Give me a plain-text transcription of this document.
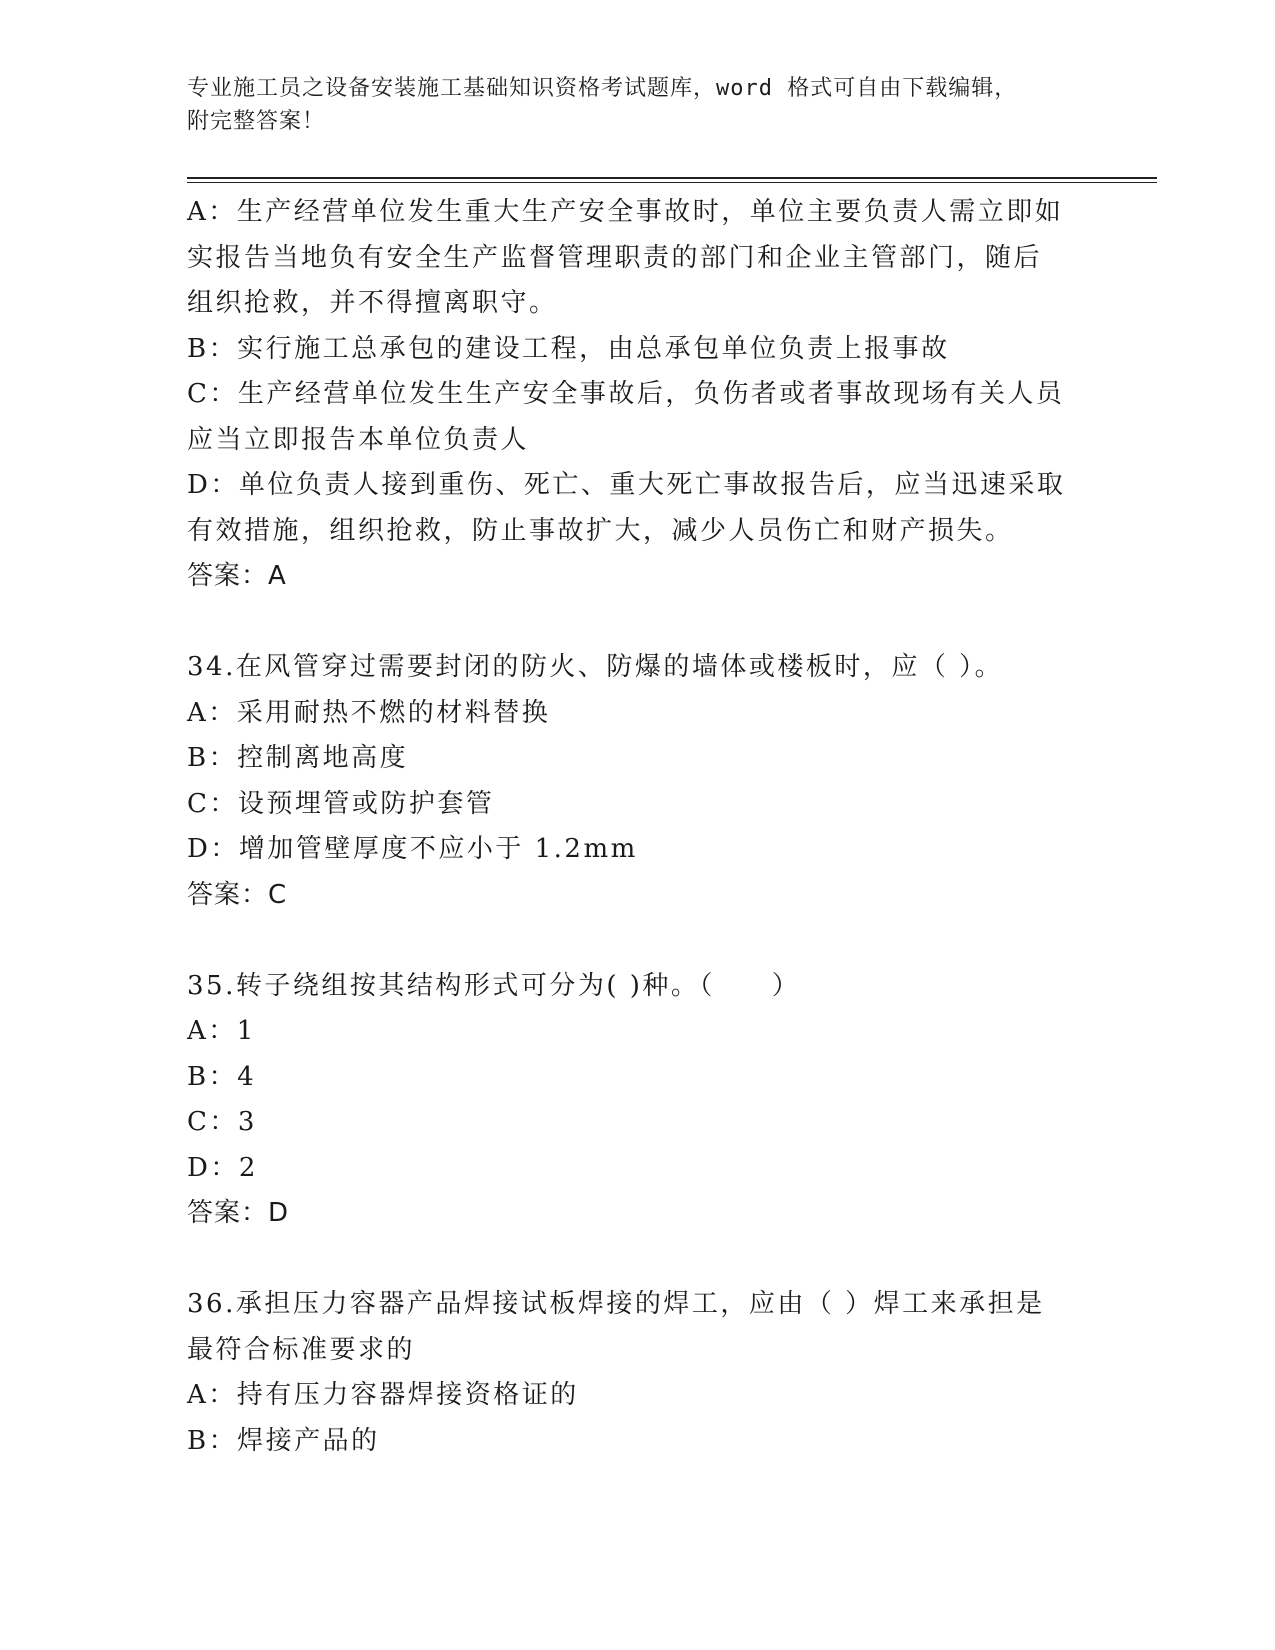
专业施工员之设备安装施工基础知识资格考试题库，word 格式可自由下载编辑，
附完整答案！
A：生产经营单位发生重大生产安全事故时，单位主要负责人需立即如
实报告当地负有安全生产监督管理职责的部门和企业主管部门，随后
组织抢救，并不得擅离职守。
B：实行施工总承包的建设工程，由总承包单位负责上报事故
C：生产经营单位发生生产安全事故后，负伤者或者事故现场有关人员
应当立即报告本单位负责人
D：单位负责人接到重伤、死亡、重大死亡事故报告后，应当迅速采取
有效措施，组织抢救，防止事故扩大，减少人员伤亡和财产损失。
答案：A
34.在风管穿过需要封闭的防火、防爆的墙体或楼板时，应（ ）。
A：采用耐热不燃的材料替换
B：控制离地高度
C：设预埋管或防护套管
D：增加管壁厚度不应小于 1.2mm
答案：C
35.转子绕组按其结构形式可分为( )种。（　　）
A：1
B：4
C：3
D：2
答案：D
36.承担压力容器产品焊接试板焊接的焊工，应由（ ）焊工来承担是
最符合标准要求的
A：持有压力容器焊接资格证的
B：焊接产品的
